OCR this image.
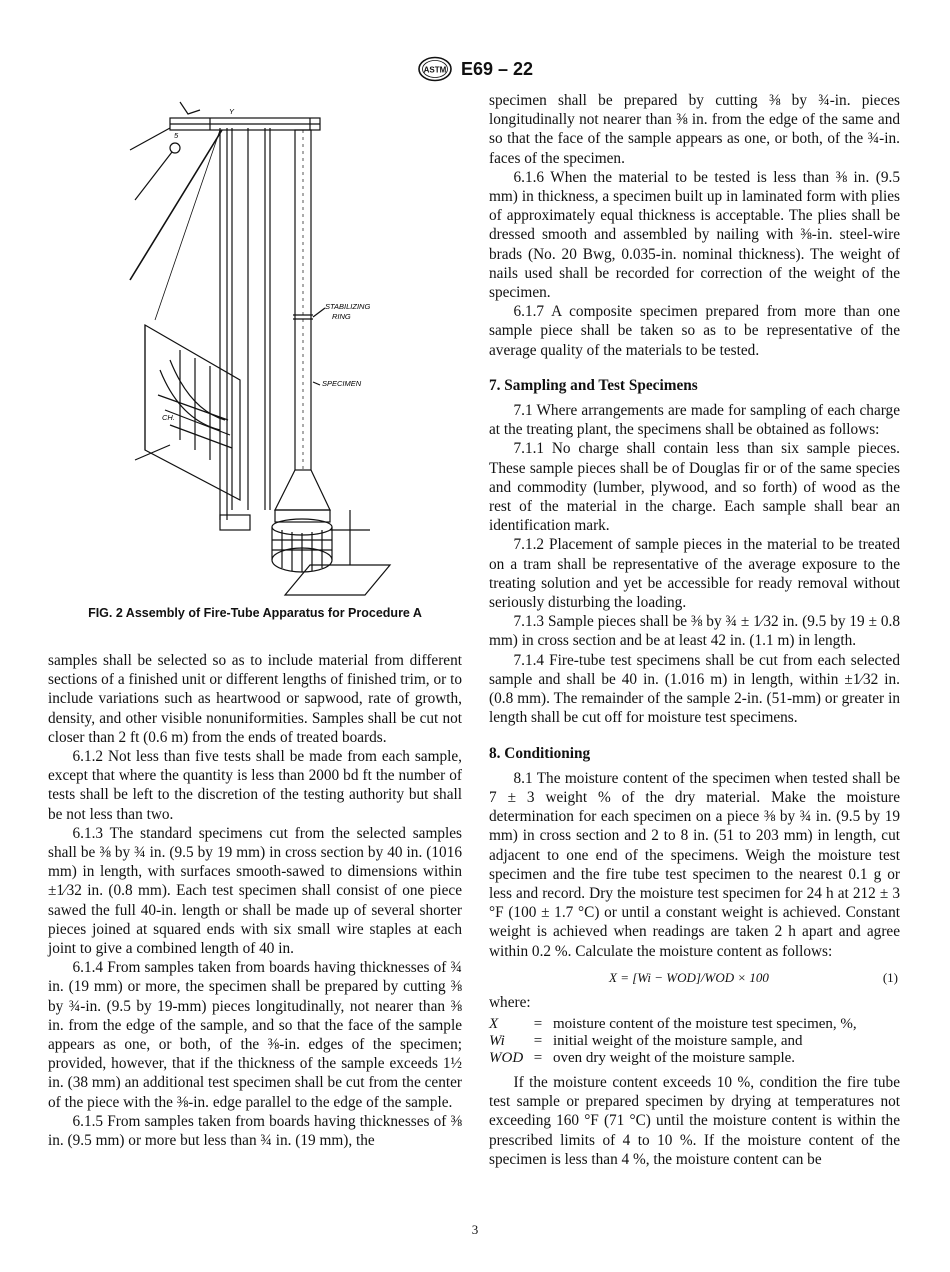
ASTM E69 – 22
STABILIZING
RING
SPECIMEN
CH.
Y
5
FIG. 2 Assembly of Fire-Tube Apparatus for Procedure A

samples shall be selected so as to include material from different sections of a finished unit or different lengths of finished trim, or to include variations such as heartwood or sapwood, rate of growth, density, and other visible nonuniformities. Samples shall be cut not closer than 2 ft (0.6 m) from the ends of treated boards.

6.1.2 Not less than five tests shall be made from each sample, except that where the quantity is less than 2000 bd ft the number of tests shall be left to the discretion of the testing authority but shall be not less than two.

6.1.3 The standard specimens cut from the selected samples shall be ⅜ by ¾ in. (9.5 by 19 mm) in cross section by 40 in. (1016 mm) in length, with surfaces smooth-sawed to dimensions within ±1⁄32 in. (0.8 mm). Each test specimen shall consist of one piece sawed the full 40-in. length or shall be made up of several shorter pieces joined at squared ends with six small wire staples at each joint to give a combined length of 40 in.

6.1.4 From samples taken from boards having thicknesses of ¾ in. (19 mm) or more, the specimen shall be prepared by cutting ⅜ by ¾-in. (9.5 by 19-mm) pieces longitudinally, not nearer than ⅜ in. from the edge of the sample, and so that the face of the sample appears as one, or both, of the ⅜-in. edges of the specimen; provided, however, that if the thickness of the sample exceeds 1½ in. (38 mm) an additional test specimen shall be cut from the center of the piece with the ⅜-in. edge parallel to the edge of the sample.

6.1.5 From samples taken from boards having thicknesses of ⅜ in. (9.5 mm) or more but less than ¾ in. (19 mm), the

specimen shall be prepared by cutting ⅜ by ¾-in. pieces longitudinally not nearer than ⅜ in. from the edge of the same and so that the face of the sample appears as one, or both, of the ¾-in. faces of the specimen.

6.1.6 When the material to be tested is less than ⅜ in. (9.5 mm) in thickness, a specimen built up in laminated form with plies of approximately equal thickness is acceptable. The plies shall be dressed smooth and assembled by nailing with ⅜-in. steel-wire brads (No. 20 Bwg, 0.035-in. nominal thickness). The weight of nails used shall be recorded for correction of the weight of the specimen.

6.1.7 A composite specimen prepared from more than one sample piece shall be taken so as to be representative of the average quality of the materials to be tested.

7. Sampling and Test Specimens

7.1 Where arrangements are made for sampling of each charge at the treating plant, the specimens shall be obtained as follows:

7.1.1 No charge shall contain less than six sample pieces. These sample pieces shall be of Douglas fir or of the same species and commodity (lumber, plywood, and so forth) of wood as the rest of the material in the charge. Each sample shall bear an identification mark.

7.1.2 Placement of sample pieces in the material to be treated on a tram shall be representative of the average exposure to the treating solution and yet be accessible for ready removal without seriously disturbing the loading.

7.1.3 Sample pieces shall be ⅜ by ¾ ± 1⁄32 in. (9.5 by 19 ± 0.8 mm) in cross section and be at least 42 in. (1.1 m) in length.

7.1.4 Fire-tube test specimens shall be cut from each selected sample and shall be 40 in. (1.016 m) in length, within ±1⁄32 in. (0.8 mm). The remainder of the sample 2-in. (51-mm) or greater in length shall be cut off for moisture test specimens.

8. Conditioning

8.1 The moisture content of the specimen when tested shall be 7 ± 3 weight % of the dry material. Make the moisture determination for each specimen on a piece ⅜ by ¾ in. (9.5 by 19 mm) in cross section and 2 to 8 in. (51 to 203 mm) in length, cut adjacent to one end of the specimens. Weigh the moisture test specimen and the fire tube test specimen to the nearest 0.1 g or less and record. Dry the moisture test specimen for 24 h at 212 ± 3 °F (100 ± 1.7 °C) or until a constant weight is achieved. Constant weight is achieved when readings are taken 2 h apart and agree within 0.2 %. Calculate the moisture content as follows:

X = [Wi − WOD]/WOD × 100	(1)

where:

X	= moisture content of the moisture test specimen, %,
Wi	= initial weight of the moisture sample, and
WOD = oven dry weight of the moisture sample.

If the moisture content exceeds 10 %, condition the fire tube test sample or prepared specimen by drying at temperatures not exceeding 160 °F (71 °C) until the moisture content is within the prescribed limits of 4 to 10 %. If the moisture content of the specimen is less than 4 %, the moisture content can be

3
